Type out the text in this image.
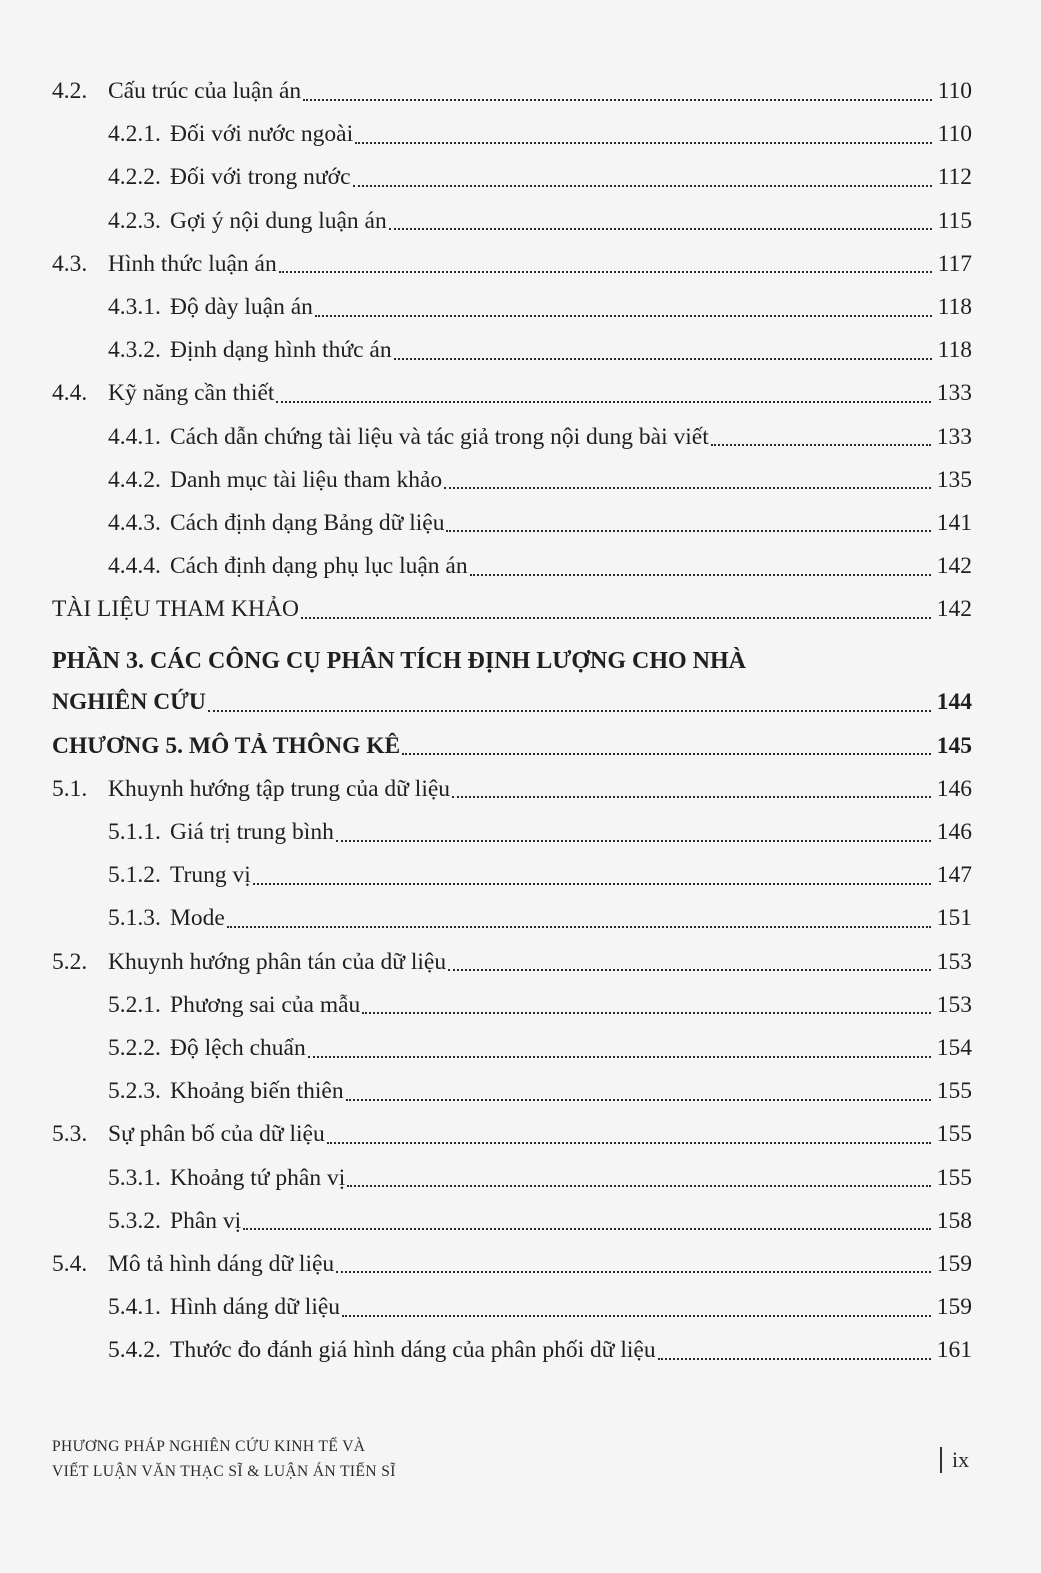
4.2. Cấu trúc của luận án	110
4.2.1. Đối với nước ngoài	110
4.2.2. Đối với trong nước	112
4.2.3. Gợi ý nội dung luận án	115
4.3. Hình thức luận án	117
4.3.1. Độ dày luận án	118
4.3.2. Định dạng hình thức án	118
4.4. Kỹ năng cần thiết	133
4.4.1. Cách dẫn chứng tài liệu và tác giả trong nội dung bài viết	133
4.4.2. Danh mục tài liệu tham khảo	135
4.4.3. Cách định dạng Bảng dữ liệu	141
4.4.4. Cách định dạng phụ lục luận án	142
TÀI LIỆU THAM KHẢO	142
PHẦN 3. CÁC CÔNG CỤ PHÂN TÍCH ĐỊNH LƯỢNG CHO NHÀ
NGHIÊN CỨU	144
CHƯƠNG 5. MÔ TẢ THÔNG KÊ	145
5.1. Khuynh hướng tập trung của dữ liệu	146
5.1.1. Giá trị trung bình	146
5.1.2. Trung vị	147
5.1.3. Mode	151
5.2. Khuynh hướng phân tán của dữ liệu	153
5.2.1. Phương sai của mẫu	153
5.2.2. Độ lệch chuẩn	154
5.2.3. Khoảng biến thiên	155
5.3. Sự phân bố của dữ liệu	155
5.3.1. Khoảng tứ phân vị	155
5.3.2. Phân vị	158
5.4. Mô tả hình dáng dữ liệu	159
5.4.1. Hình dáng dữ liệu	159
5.4.2. Thước đo đánh giá hình dáng của phân phối dữ liệu	161
PHƯƠNG PHÁP NGHIÊN CỨU KINH TẾ VÀ
VIẾT LUẬN VĂN THẠC SĨ & LUẬN ÁN TIẾN SĨ	ix
